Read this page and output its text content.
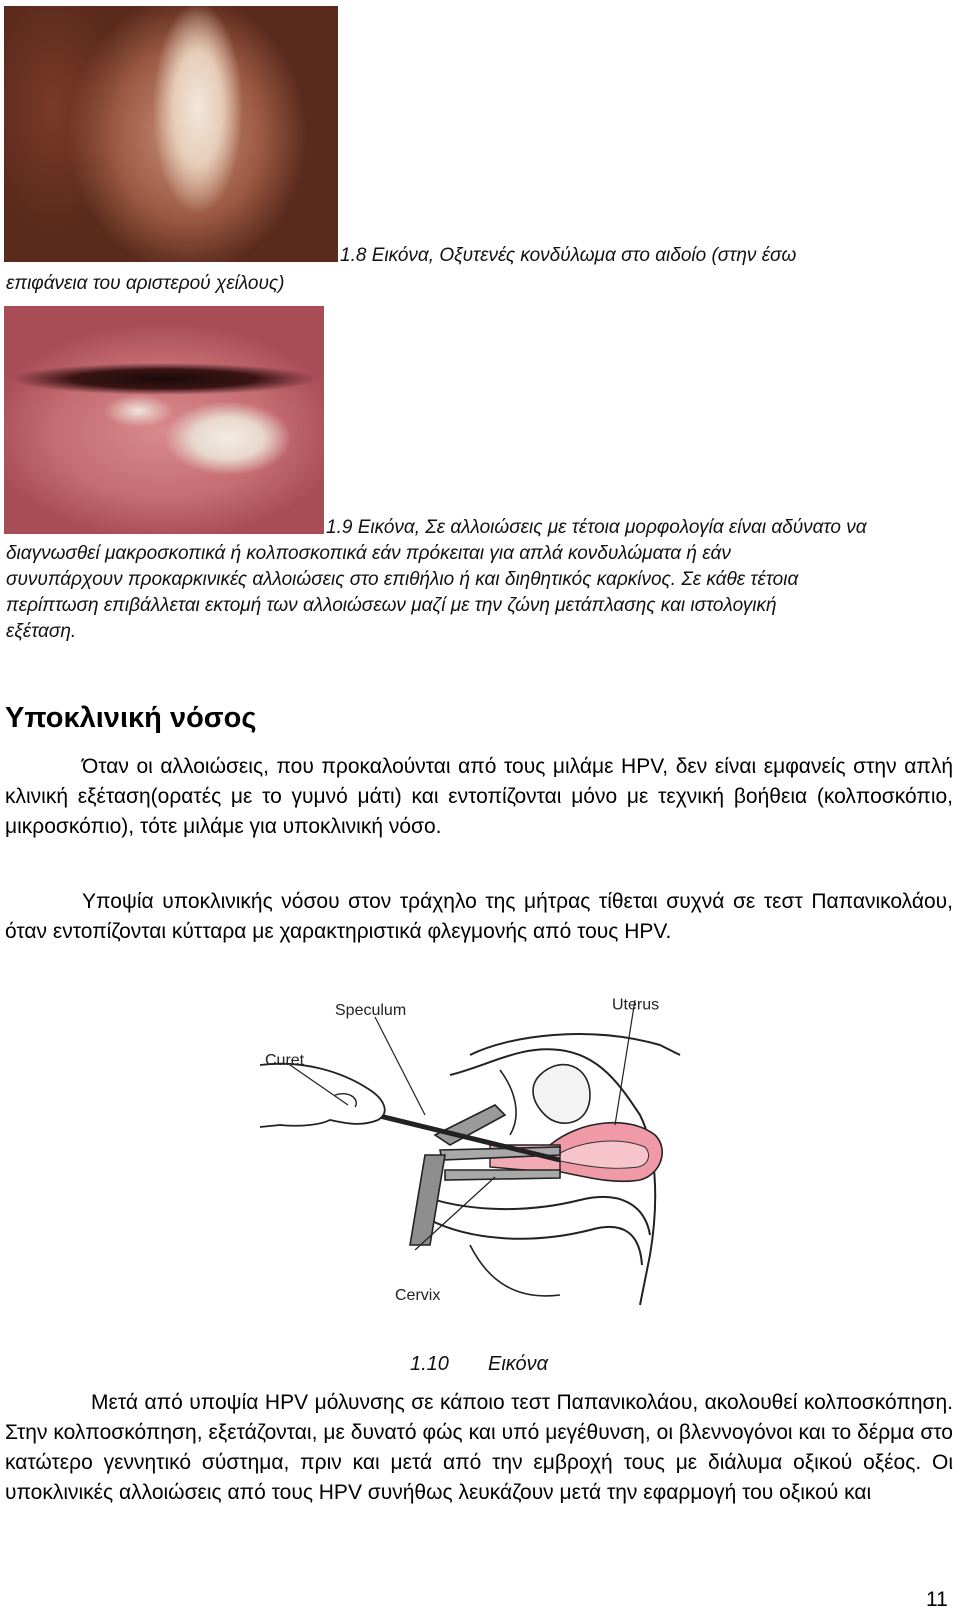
1.8 Εικόνα, Οξυτενές κονδύλωμα στο αιδοίο (στην έσω
επιφάνεια του αριστερού χείλους)
1.9 Εικόνα, Σε αλλοιώσεις με τέτοια μορφολογία είναι αδύνατο να
διαγνωσθεί μακροσκοπικά ή κολποσκοπικά εάν πρόκειται για απλά κονδυλώματα ή εάν
συνυπάρχουν προκαρκινικές αλλοιώσεις στο επιθήλιο ή και διηθητικός καρκίνος. Σε κάθε τέτοια
περίπτωση επιβάλλεται εκτομή των αλλοιώσεων μαζί με την ζώνη μετάπλασης και ιστολογική
εξέταση.
Υποκλινική νόσος
Όταν οι αλλοιώσεις, που προκαλούνται από τους μιλάμε HPV, δεν είναι εμφανείς στην απλή κλινική εξέταση(ορατές με το γυμνό μάτι) και εντοπίζονται μόνο με τεχνική βοήθεια (κολποσκόπιο, μικροσκόπιο), τότε μιλάμε για υποκλινική νόσο.
Υποψία υποκλινικής νόσου στον τράχηλο της μήτρας τίθεται συχνά σε τεστ Παπανικολάου, όταν εντοπίζονται κύτταρα με χαρακτηριστικά φλεγμονής από τους HPV.
Speculum	Uterus
Curet
Cervix
1.10 Εικόνα
Μετά από υποψία HPV μόλυνσης σε κάποιο τεστ Παπανικολάου, ακολουθεί κολποσκόπηση. Στην κολποσκόπηση, εξετάζονται, με δυνατό φώς και υπό μεγέθυνση, οι βλεννογόνοι και το δέρμα στο κατώτερο γεννητικό σύστημα, πριν και μετά από την εμβροχή τους με διάλυμα οξικού οξέος. Οι υποκλινικές αλλοιώσεις από τους HPV συνήθως λευκάζουν μετά την εφαρμογή του οξικού και
11
